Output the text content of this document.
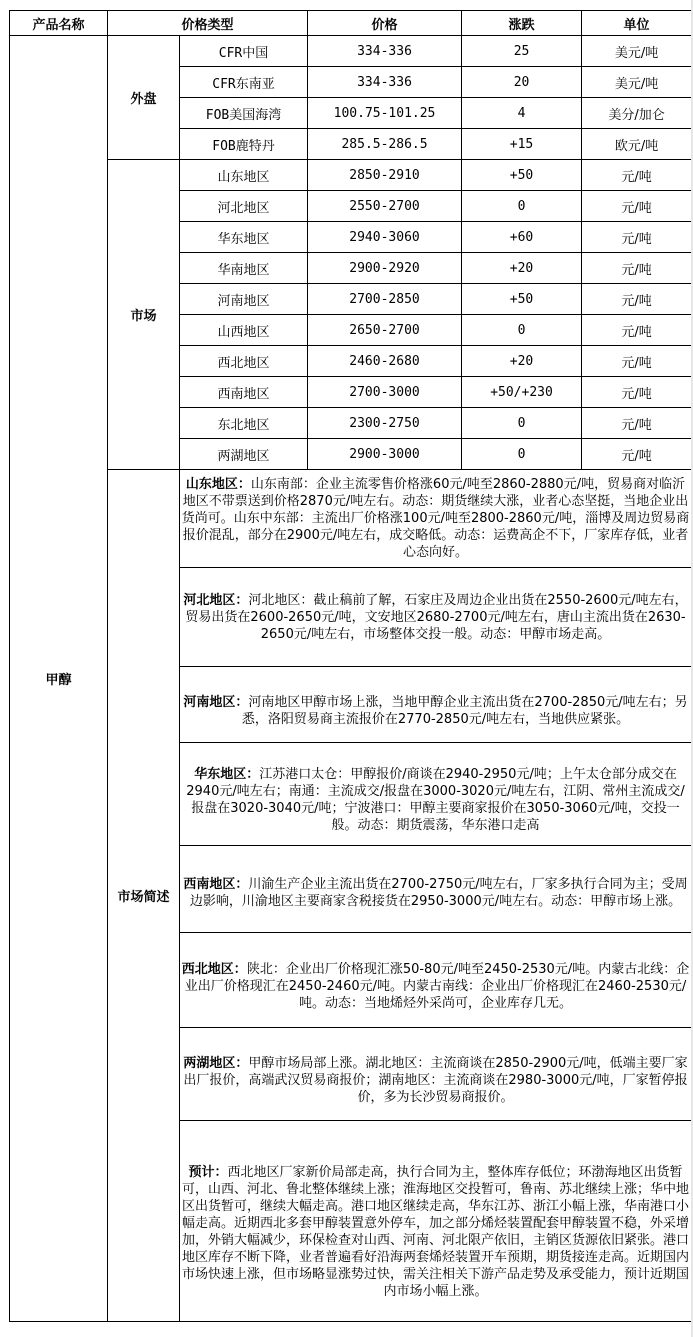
产品名称	价格类型		价格	涨跌	单位
甲醇	外盘	CFR中国	334-336	25	美元/吨
		CFR东南亚	334-336	20	美元/吨
		FOB美国海湾	100.75-101.25	4	美分/加仑
		FOB鹿特丹	285.5-286.5	+15	欧元/吨
	市场	山东地区	2850-2910	+50	元/吨
		河北地区	2550-2700	0	元/吨
		华东地区	2940-3060	+60	元/吨
		华南地区	2900-2920	+20	元/吨
		河南地区	2700-2850	+50	元/吨
		山西地区	2650-2700	0	元/吨
		西北地区	2460-2680	+20	元/吨
		西南地区	2700-3000	+50/+230	元/吨
		东北地区	2300-2750	0	元/吨
		两湖地区	2900-3000	0	元/吨
	市场简述	山东地区：山东南部：企业主流零售价格涨60元/吨至2860-2880元/吨，贸易商对临沂地区不带票送到价格2870元/吨左右。动态：期货继续大涨，业者心态坚挺，当地企业出货尚可。山东中东部：主流出厂价格涨100元/吨至2800-2860元/吨，淄博及周边贸易商报价混乱，部分在2900元/吨左右，成交略低。动态：运费高企不下，厂家库存低，业者心态向好。			
		河北地区：河北地区：截止稿前了解，石家庄及周边企业出货在2550-2600元/吨左右，贸易出货在2600-2650元/吨，文安地区2680-2700元/吨左右，唐山主流出货在2630-2650元/吨左右，市场整体交投一般。动态：甲醇市场走高。			
		河南地区：河南地区甲醇市场上涨，当地甲醇企业主流出货在2700-2850元/吨左右；另悉，洛阳贸易商主流报价在2770-2850元/吨左右，当地供应紧张。			
		华东地区：江苏港口太仓：甲醇报价/商谈在2940-2950元/吨；上午太仓部分成交在2940元/吨左右；南通：主流成交/报盘在3000-3020元/吨左右，江阴、常州主流成交/报盘在3020-3040元/吨；宁波港口：甲醇主要商家报价在3050-3060元/吨，交投一般。动态：期货震荡，华东港口走高			
		西南地区：川渝生产企业主流出货在2700-2750元/吨左右，厂家多执行合同为主；受周边影响，川渝地区主要商家含税接货在2950-3000元/吨左右。动态：甲醇市场上涨。			
		西北地区：陕北：企业出厂价格现汇涨50-80元/吨至2450-2530元/吨。内蒙古北线：企业出厂价格现汇在2450-2460元/吨。内蒙古南线：企业出厂价格现汇在2460-2530元/吨。动态：当地烯烃外采尚可，企业库存几无。			
		两湖地区：甲醇市场局部上涨。湖北地区：主流商谈在2850-2900元/吨，低端主要厂家出厂报价，高端武汉贸易商报价；湖南地区：主流商谈在2980-3000元/吨，厂家暂停报价，多为长沙贸易商报价。			
		预计：西北地区厂家新价局部走高，执行合同为主，整体库存低位；环渤海地区出货暂可，山西、河北、鲁北整体继续上涨；淮海地区交投暂可，鲁南、苏北继续上涨；华中地区出货暂可，继续大幅走高。港口地区继续走高，华东江苏、浙江小幅上涨，华南港口小幅走高。近期西北多套甲醇装置意外停车，加之部分烯烃装置配套甲醇装置不稳，外采增加，外销大幅减少，环保检查对山西、河南、河北限产依旧，主销区货源依旧紧张。港口地区库存不断下降，业者普遍看好沿海两套烯烃装置开车预期，期货接连走高。近期国内市场快速上涨，但市场略显涨势过快，需关注相关下游产品走势及承受能力，预计近期国内市场小幅上涨。			
